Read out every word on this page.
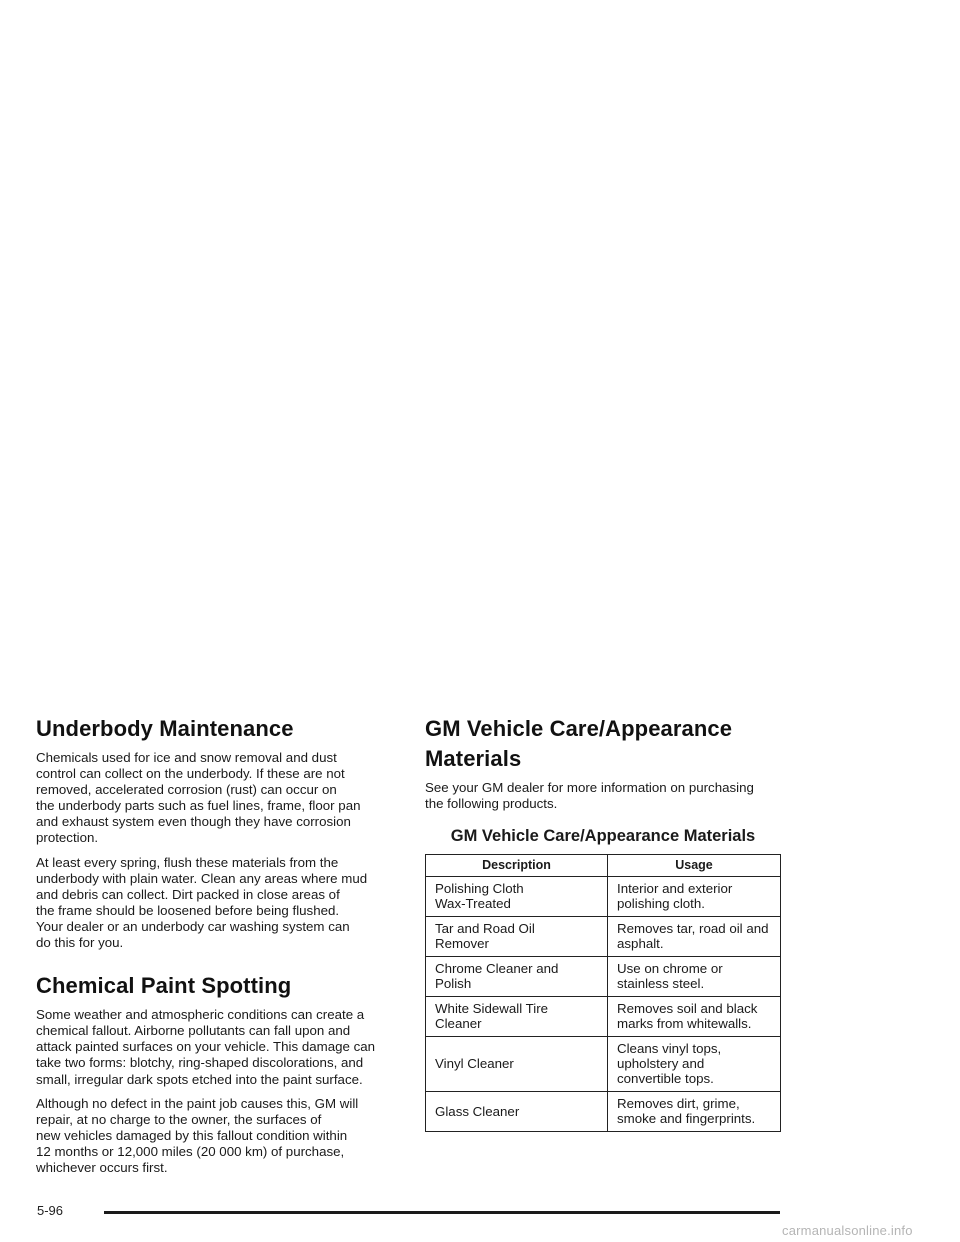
Underbody Maintenance

Chemicals used for ice and snow removal and dust
control can collect on the underbody. If these are not
removed, accelerated corrosion (rust) can occur on
the underbody parts such as fuel lines, frame, floor pan
and exhaust system even though they have corrosion
protection.

At least every spring, flush these materials from the
underbody with plain water. Clean any areas where mud
and debris can collect. Dirt packed in close areas of
the frame should be loosened before being flushed.
Your dealer or an underbody car washing system can
do this for you.

Chemical Paint Spotting

Some weather and atmospheric conditions can create a
chemical fallout. Airborne pollutants can fall upon and
attack painted surfaces on your vehicle. This damage can
take two forms: blotchy, ring-shaped discolorations, and
small, irregular dark spots etched into the paint surface.

Although no defect in the paint job causes this, GM will
repair, at no charge to the owner, the surfaces of
new vehicles damaged by this fallout condition within
12 months or 12,000 miles (20 000 km) of purchase,
whichever occurs first.

GM Vehicle Care/Appearance
Materials

See your GM dealer for more information on purchasing
the following products.

GM Vehicle Care/Appearance Materials
Description	Usage
Polishing Cloth
Wax-Treated	Interior and exterior
polishing cloth.
Tar and Road Oil
Remover	Removes tar, road oil and
asphalt.
Chrome Cleaner and
Polish	Use on chrome or
stainless steel.
White Sidewall Tire
Cleaner	Removes soil and black
marks from whitewalls.
Vinyl Cleaner	Cleans vinyl tops,
upholstery and
convertible tops.
Glass Cleaner	Removes dirt, grime,
smoke and fingerprints.
5-96
carmanualsonline.info
